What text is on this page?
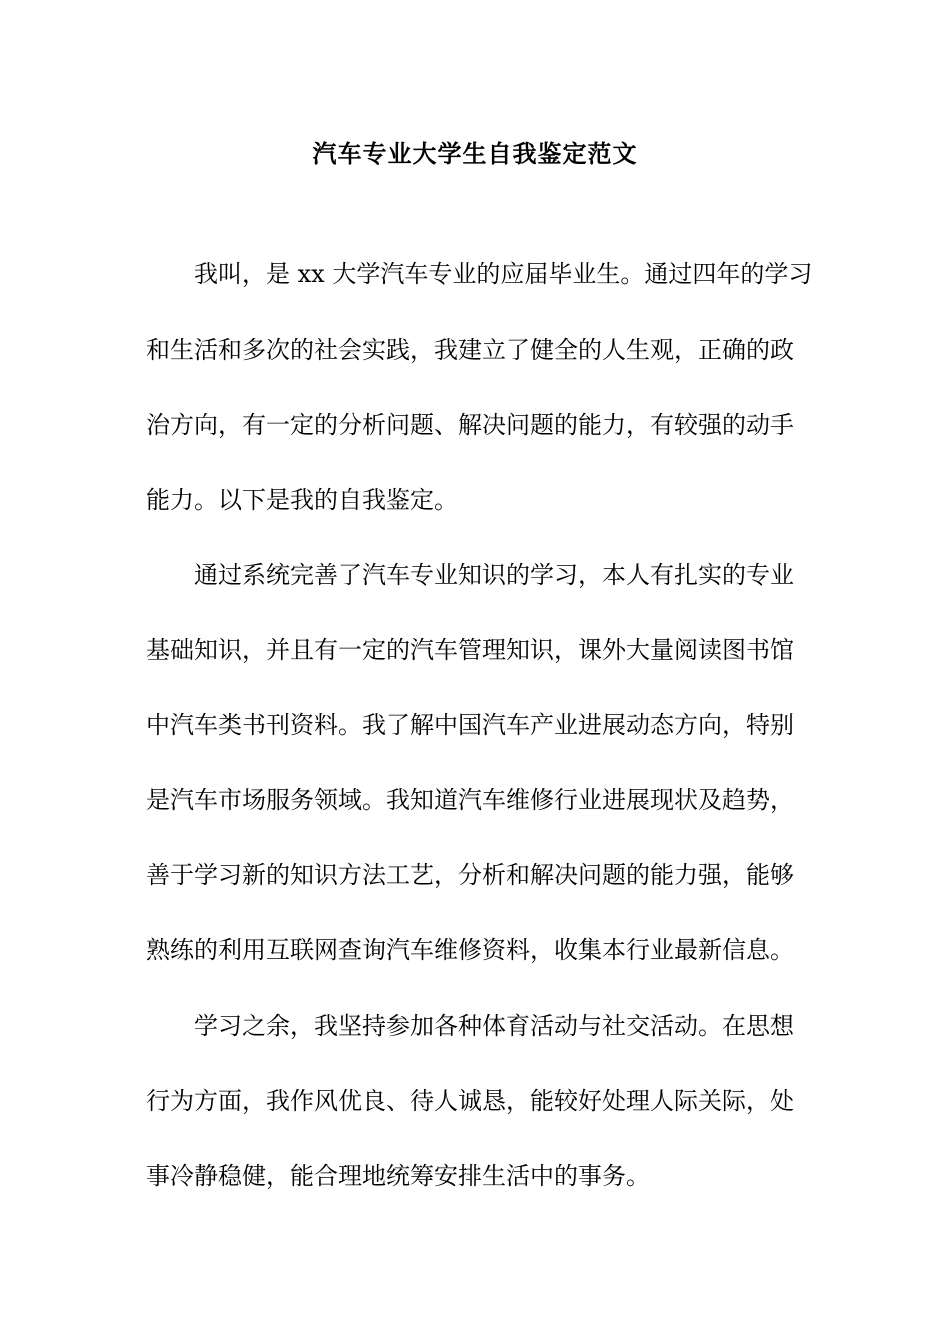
汽车专业大学生自我鉴定范文

我叫，是 xx 大学汽车专业的应届毕业生。通过四年的学习

和生活和多次的社会实践，我建立了健全的人生观，正确的政

治方向，有一定的分析问题、解决问题的能力，有较强的动手

能力。以下是我的自我鉴定。

通过系统完善了汽车专业知识的学习，本人有扎实的专业

基础知识，并且有一定的汽车管理知识，课外大量阅读图书馆

中汽车类书刊资料。我了解中国汽车产业进展动态方向，特别

是汽车市场服务领域。我知道汽车维修行业进展现状及趋势，

善于学习新的知识方法工艺，分析和解决问题的能力强，能够

熟练的利用互联网查询汽车维修资料，收集本行业最新信息。

学习之余，我坚持参加各种体育活动与社交活动。在思想

行为方面，我作风优良、待人诚恳，能较好处理人际关际，处

事冷静稳健，能合理地统筹安排生活中的事务。
